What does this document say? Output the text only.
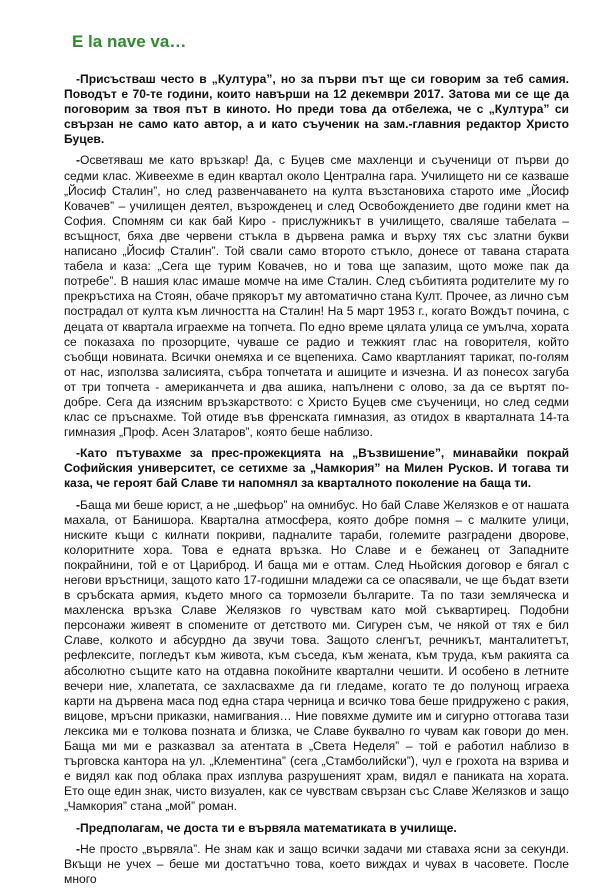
E la nave va…

-Присъстваш често в „Култура”, но за първи път ще си говорим за теб самия. Поводът е 70-те години, които навърши на 12 декември 2017. Затова ми се ще да поговорим за твоя път в киното. Но преди това да отбележа, че с „Култура” си свързан не само като автор, а и като съученик на зам.-главния редактор Христо Буцев.

-Осветяваш ме като връзкар! Да, с Буцев сме махленци и съученици от първи до седми клас. Живеехме в един квартал около Централна гара. Училището ни се казваше „Йосиф Сталин”, но след развенчаването на култа възстановиха старото име „Йосиф Ковачев” – училищен деятел, възрожденец и след Освобождението две години кмет на София. Спомням си как бай Киро - прислужникът в училището, сваляше табелата – всъщност, бяха две червени стъкла в дървена рамка и върху тях със златни букви написано „Йосиф Сталин”. Той свали само второто стъкло, донесе от тавана старата табела и каза: „Сега ще турим Ковачев, но и това ще запазим, щото може пак да потребе”. В нашия клас имаше момче на име Сталин. След събитията родителите му го прекръстиха на Стоян, обаче прякорът му автоматично стана Култ. Прочее, аз лично съм пострадал от култа към личността на Сталин! На 5 март 1953 г., когато Вождът почина, с децата от квартала играехме на топчета. По едно време цялата улица се умълча, хората се показаха по прозорците, чуваше се радио и тежкият глас на говорителя, който съобщи новината. Всички онемяха и се вцепениха. Само квартланият тарикат, по-голям от нас, използва залисията, събра топчетата и ашиците и изчезна. И аз понесох загуба от три топчета - американчета и два ашика, напълнени с олово, за да се въртят по-добре. Сега да изясним връзкарството: с Христо Буцев сме съученици, но след седми клас се пръснахме. Той отиде във френската гимназия, аз отидох в кварталната 14-та гимназия „Проф. Асен Златаров”, която беше наблизо.

-Като пътувахме за прес-прожекцията на „Възвишение”, минавайки покрай Софийския университет, се сетихме за „Чамкория” на Милен Русков. И тогава ти каза, че героят бай Славе ти напомнял за кварталното поколение на баща ти.

-Баща ми беше юрист, а не „шефьор” на омнибус. Но бай Славе Желязков е от нашата махала, от Банишора. Квартална атмосфера, която добре помня – с малките улици, ниските къщи с килнати покриви, падналите тараби, големите разградени дворове, колоритните хора. Това е едната връзка. Но Славе и е бежанец от Западните покрайнини, той е от Цариброд. И баща ми е оттам. След Ньойския договор е бягал с негови връстници, защото като 17-годишни младежи са се опасявали, че ще бъдат взети в сръбската армия, където много са тормозели българите. Та по тази земляческа и махленска връзка Славе Желязков го чувствам като мой съквартирец. Подобни персонажи живеят в спомените от детството ми. Сигурен съм, че някой от тях е бил Славе, колкото и абсурдно да звучи това. Защото сленгът, речникът, манталитетът, рефлексите, погледът към живота, към съседа, към жената, към труда, към ракията са абсолютно същите като на отдавна покойните квартални чешити. И особено в летните вечери ние, хлапетата, се захласвахме да ги гледаме, когато те до полунощ играеха карти на дървена маса под една стара черница и всичко това беше придружено с ракия, вицове, мръсни приказки, намигвания… Ние повяхме думите им и сигурно оттогава тази лексика ми е толкова позната и близка, че Славе буквално го чувам как говори до мен. Баща ми ми е разказвал за атентата в „Света Неделя” – той е работил наблизо в търговска кантора на ул. „Клементина” (сега „Стамболийски”), чул е грохота на взрива и е видял как под облака прах изплува разрушеният храм, видял е паниката на хората. Ето още един знак, чисто визуален, как се чувствам свързан със Славе Желязков и защо „Чамкория” стана „мой” роман.

-Предполагам, че доста ти е вървяла математиката в училище.

-Не просто „вървяла”. Не знам как и защо всички задачи ми ставаха ясни за секунди. Вкъщи не учех – беше ми достатъчно това, което виждах и чувах в часовете. После много
